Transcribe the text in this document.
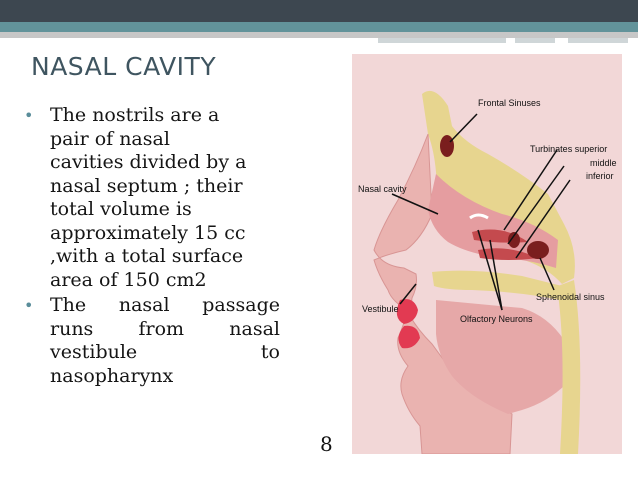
NASAL CAVITY
• The nostrils are a
pair of nasal
cavities divided by a
nasal septum ; their
total volume is
approximately 15 cc
,with a total surface
area of 150 cm2
• The nasal passage
runs from nasal
vestibule to
nasopharynx
8
Frontal Sinuses
Turbinates superior
middle
inferior
Nasal cavity
Vestibule
Sphenoidal sinus
Olfactory Neurons
